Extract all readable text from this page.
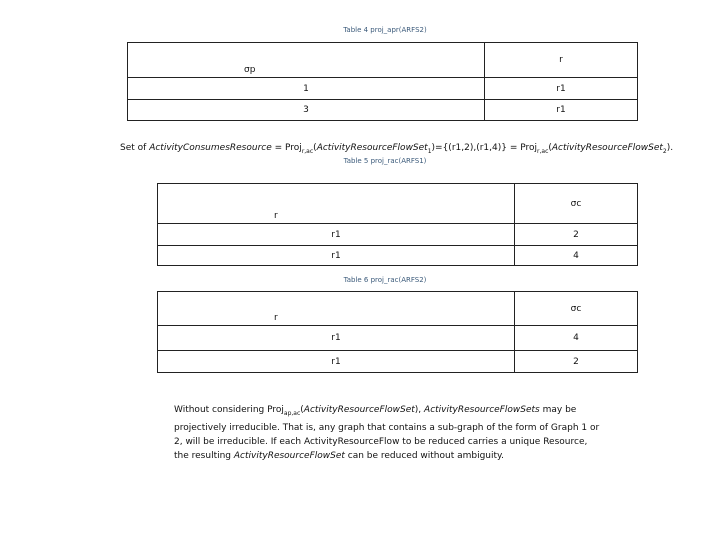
Table 4 proj_apr(ARFS2)
σp	r
1	r1
3	r1
Set of ActivityConsumesResource = Proj$_{r,ac}$(ActivityResourceFlowSet$_1$)={(r1,2),(r1,4)} = Proj$_{r,ac}$(ActivityResourceFlowSet$_2$).
Table 5 proj_rac(ARFS1)
r	σc
r1	2
r1	4
Table 6 proj_rac(ARFS2)
r	σc
r1	4
r1	2
Without considering Proj$_{ap,ac}$(ActivityResourceFlowSet), ActivityResourceFlowSets may be projectively irreducible. That is, any graph that contains a sub-graph of the form of Graph 1 or 2, will be irreducible. If each ActivityResourceFlow to be reduced carries a unique Resource, the resulting ActivityResourceFlowSet can be reduced without ambiguity.
